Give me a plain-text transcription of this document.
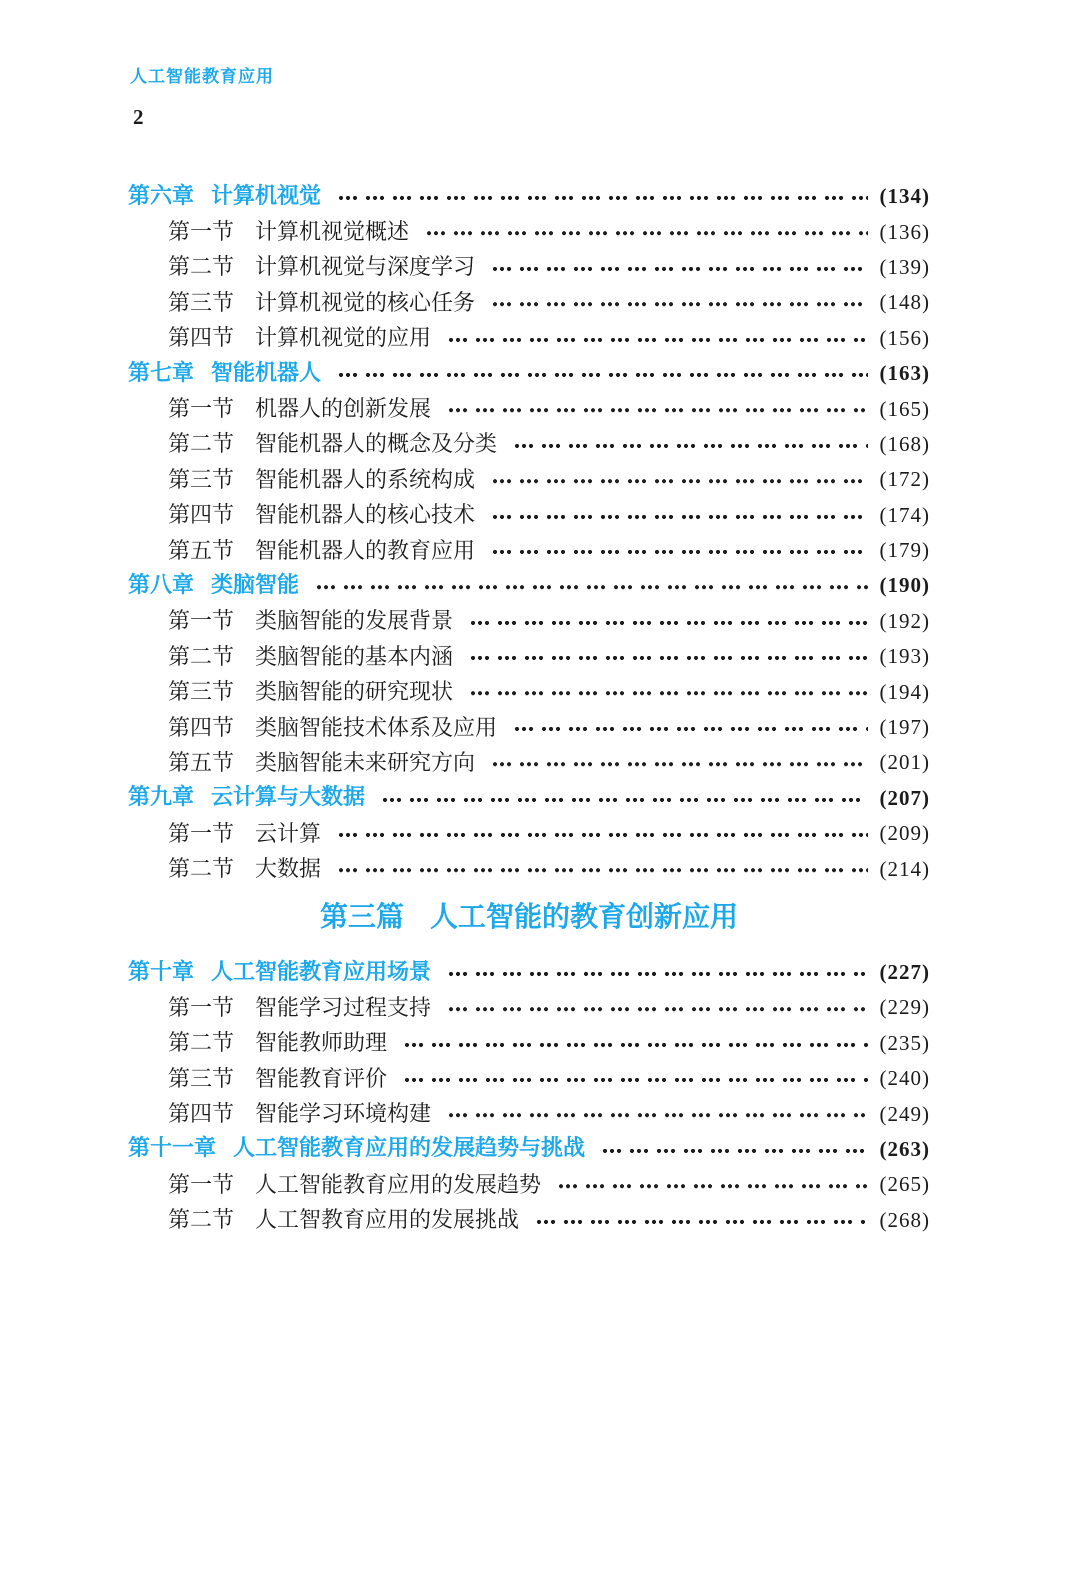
人工智能教育应用
2
第六章 计算机视觉	(134)
第一节 计算机视觉概述	(136)
第二节 计算机视觉与深度学习	(139)
第三节 计算机视觉的核心任务	(148)
第四节 计算机视觉的应用	(156)
第七章 智能机器人	(163)
第一节 机器人的创新发展	(165)
第二节 智能机器人的概念及分类	(168)
第三节 智能机器人的系统构成	(172)
第四节 智能机器人的核心技术	(174)
第五节 智能机器人的教育应用	(179)
第八章 类脑智能	(190)
第一节 类脑智能的发展背景	(192)
第二节 类脑智能的基本内涵	(193)
第三节 类脑智能的研究现状	(194)
第四节 类脑智能技术体系及应用	(197)
第五节 类脑智能未来研究方向	(201)
第九章 云计算与大数据	(207)
第一节 云计算	(209)
第二节 大数据	(214)
第三篇 人工智能的教育创新应用
第十章 人工智能教育应用场景	(227)
第一节 智能学习过程支持	(229)
第二节 智能教师助理	(235)
第三节 智能教育评价	(240)
第四节 智能学习环境构建	(249)
第十一章 人工智能教育应用的发展趋势与挑战	(263)
第一节 人工智能教育应用的发展趋势	(265)
第二节 人工智教育应用的发展挑战	(268)
